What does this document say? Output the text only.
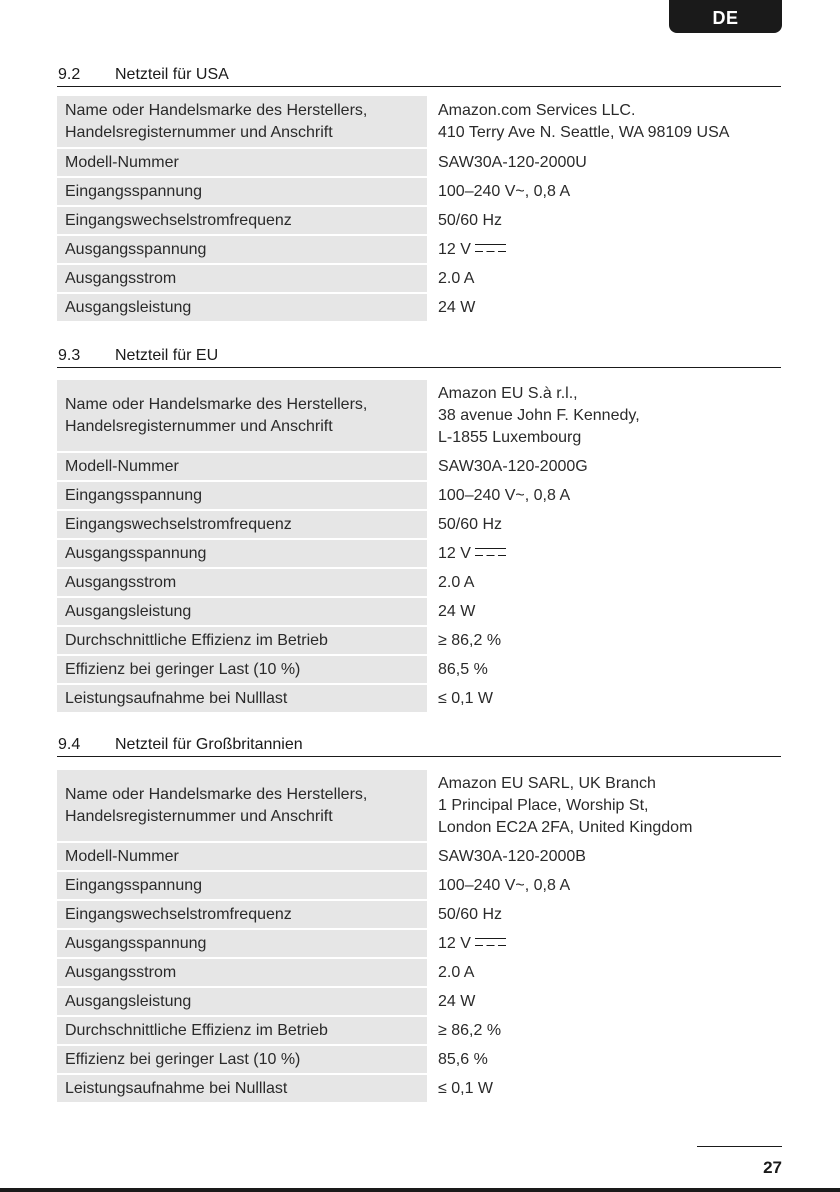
DE
9.2 Netzteil für USA
Name oder Handelsmarke des Herstellers,
Handelsregisternummer und Anschrift	Amazon.com Services LLC.
410 Terry Ave N. Seattle, WA 98109 USA
Modell-Nummer	SAW30A-120-2000U
Eingangsspannung	100–240 V~, 0,8 A
Eingangswechselstromfrequenz	50/60 Hz
Ausgangsspannung	12 V
Ausgangsstrom	2.0 A
Ausgangsleistung	24 W
9.3 Netzteil für EU
Name oder Handelsmarke des Herstellers,
Handelsregisternummer und Anschrift	Amazon EU S.à r.l.,
38 avenue John F. Kennedy,
L-1855 Luxembourg
Modell-Nummer	SAW30A-120-2000G
Eingangsspannung	100–240 V~, 0,8 A
Eingangswechselstromfrequenz	50/60 Hz
Ausgangsspannung	12 V
Ausgangsstrom	2.0 A
Ausgangsleistung	24 W
Durchschnittliche Effizienz im Betrieb	≥ 86,2 %
Effizienz bei geringer Last (10 %)	86,5 %
Leistungsaufnahme bei Nulllast	≤ 0,1 W
9.4 Netzteil für Großbritannien
Name oder Handelsmarke des Herstellers,
Handelsregisternummer und Anschrift	Amazon EU SARL, UK Branch
1 Principal Place, Worship St,
London EC2A 2FA, United Kingdom
Modell-Nummer	SAW30A-120-2000B
Eingangsspannung	100–240 V~, 0,8 A
Eingangswechselstromfrequenz	50/60 Hz
Ausgangsspannung	12 V
Ausgangsstrom	2.0 A
Ausgangsleistung	24 W
Durchschnittliche Effizienz im Betrieb	≥ 86,2 %
Effizienz bei geringer Last (10 %)	85,6 %
Leistungsaufnahme bei Nulllast	≤ 0,1 W
27
